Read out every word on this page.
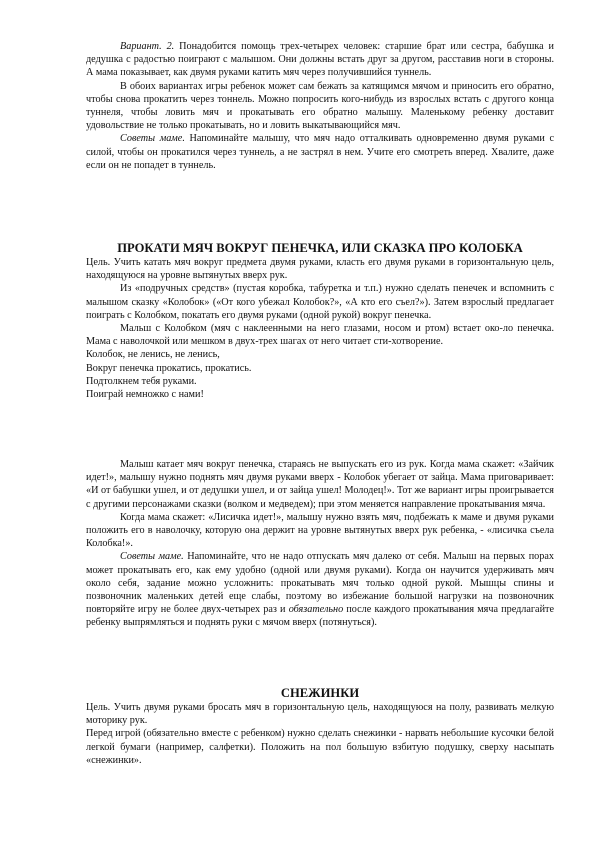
Вариант. 2. Понадобится помощь трех-четырех человек: старшие брат или сестра, бабушка и дедушка с радостью поиграют с малышом. Они должны встать друг за другом, расставив ноги в стороны. А мама показывает, как двумя руками катить мяч через получившийся туннель.

В обоих вариантах игры ребенок может сам бежать за катящимся мячом и приносить его обратно, чтобы снова прокатить через тоннель. Можно попросить кого-нибудь из взрослых встать с другого конца туннеля, чтобы ловить мяч и прокатывать его обратно малышу. Маленькому ребенку доставит удовольствие не только прокатывать, но и ловить выкатывающийся мяч.

Советы маме. Напоминайте малышу, что мяч надо отталкивать одновременно двумя руками с силой, чтобы он прокатился через туннель, а не застрял в нем. Учите его смотреть вперед. Хвалите, даже если он не попадет в туннель.

ПРОКАТИ МЯЧ ВОКРУГ ПЕНЕЧКА, ИЛИ СКАЗКА ПРО КОЛОБКА

Цель. Учить катать мяч вокруг предмета двумя руками, класть его двумя руками в горизонтальную цель, находящуюся на уровне вытянутых вверх рук.

Из «подручных средств» (пустая коробка, табуретка и т.п.) нужно сделать пенечек и вспомнить с малышом сказку «Колобок» («От кого убежал Колобок?», «А кто его съел?»). Затем взрослый предлагает поиграть с Колобком, покатать его двумя руками (одной рукой) вокруг пенечка.

Мальш с Колобком (мяч с наклеенными на него глазами, носом и ртом) встает око-ло пенечка. Мама с наволочкой или мешком в двух-трех шагах от него читает сти-хотворение.

Колобок, не ленись, не ленись,

Вокруг пенечка прокатись, прокатись.

Подтолкнем тебя руками.

Поиграй немножко с нами!

Малыш катает мяч вокруг пенечка, стараясь не выпускать его из рук. Когда мама скажет: «Зайчик идет!», малышу нужно поднять мяч двумя руками вверх - Колобок убегает от зайца. Мама приговаривает: «И от бабушки ушел, и от дедушки ушел, и от зайца ушел! Молодец!». Тот же вариант игры проигрывается с другими персонажами сказки (волком и медведем); при этом меняется направление прокатывания мяча.

Когда мама скажет: «Лисичка идет!», малышу нужно взять мяч, подбежать к маме и двумя руками положить его в наволочку, которую она держит на уровне вытянутых вверх рук ребенка, - «лисичка съела Колобка!».

Советы маме. Напоминайте, что не надо отпускать мяч далеко от себя. Малыш на первых порах может прокатывать его, как ему удобно (одной или двумя руками). Когда он научится удерживать мяч около себя, задание можно усложнить: прокатывать мяч только одной рукой. Мышцы спины и позвоночник маленьких детей еще слабы, поэтому во избежание большой нагрузки на позвоночник повторяйте игру не более двух-четырех раз и обязательно после каждого прокатывания мяча предлагайте ребенку выпрямляться и поднять руки с мячом вверх (потянуться).

СНЕЖИНКИ

Цель. Учить двумя руками бросать мяч в горизонтальную цель, находящуюся на полу, развивать мелкую моторику рук.

Перед игрой (обязательно вместе с ребенком) нужно сделать снежинки - нарвать небольшие кусочки белой легкой бумаги (например, салфетки). Положить на пол большую взбитую подушку, сверху насыпать «снежинки».
